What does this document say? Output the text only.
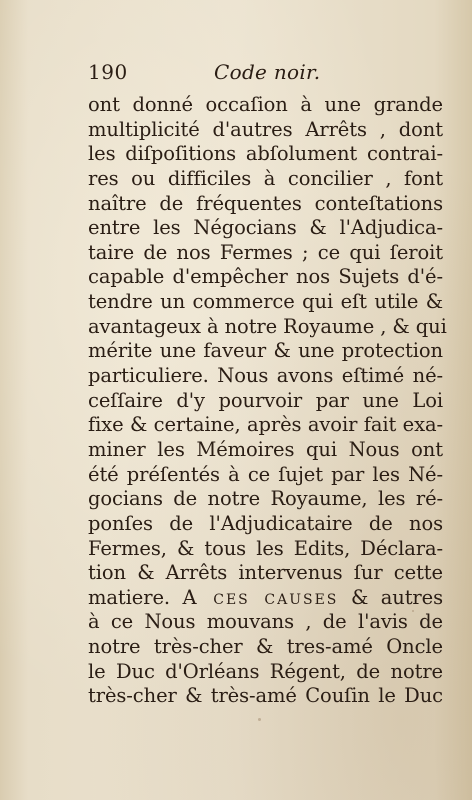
190	Code noir.
ont donné occaſion à une grande
multiplicité d'autres Arrêts , dont
les diſpoſitions abſolument contrai-
res ou difficiles à concilier , font
naître de fréquentes conteſtations
entre les Négocians & l'Adjudica-
taire de nos Fermes ; ce qui ſeroit
capable d'empêcher nos Sujets d'é-
tendre un commerce qui eſt utile &
avantageux à notre Royaume , & qui
mérite une faveur & une protection
particuliere. Nous avons eſtimé né-
ceſſaire d'y pourvoir par une Loi
fixe & certaine, après avoir fait exa-
miner les Mémoires qui Nous ont
été préſentés à ce ſujet par les Né-
gocians de notre Royaume, les ré-
ponſes de l'Adjudicataire de nos
Fermes, & tous les Edits, Déclara-
tion & Arrêts intervenus ſur cette
matiere. A ces causes & autres
à ce Nous mouvans , de l'avis de
notre très-cher & tres-amé Oncle
le Duc d'Orléans Régent, de notre
très-cher & très-amé Couſin le Duc
